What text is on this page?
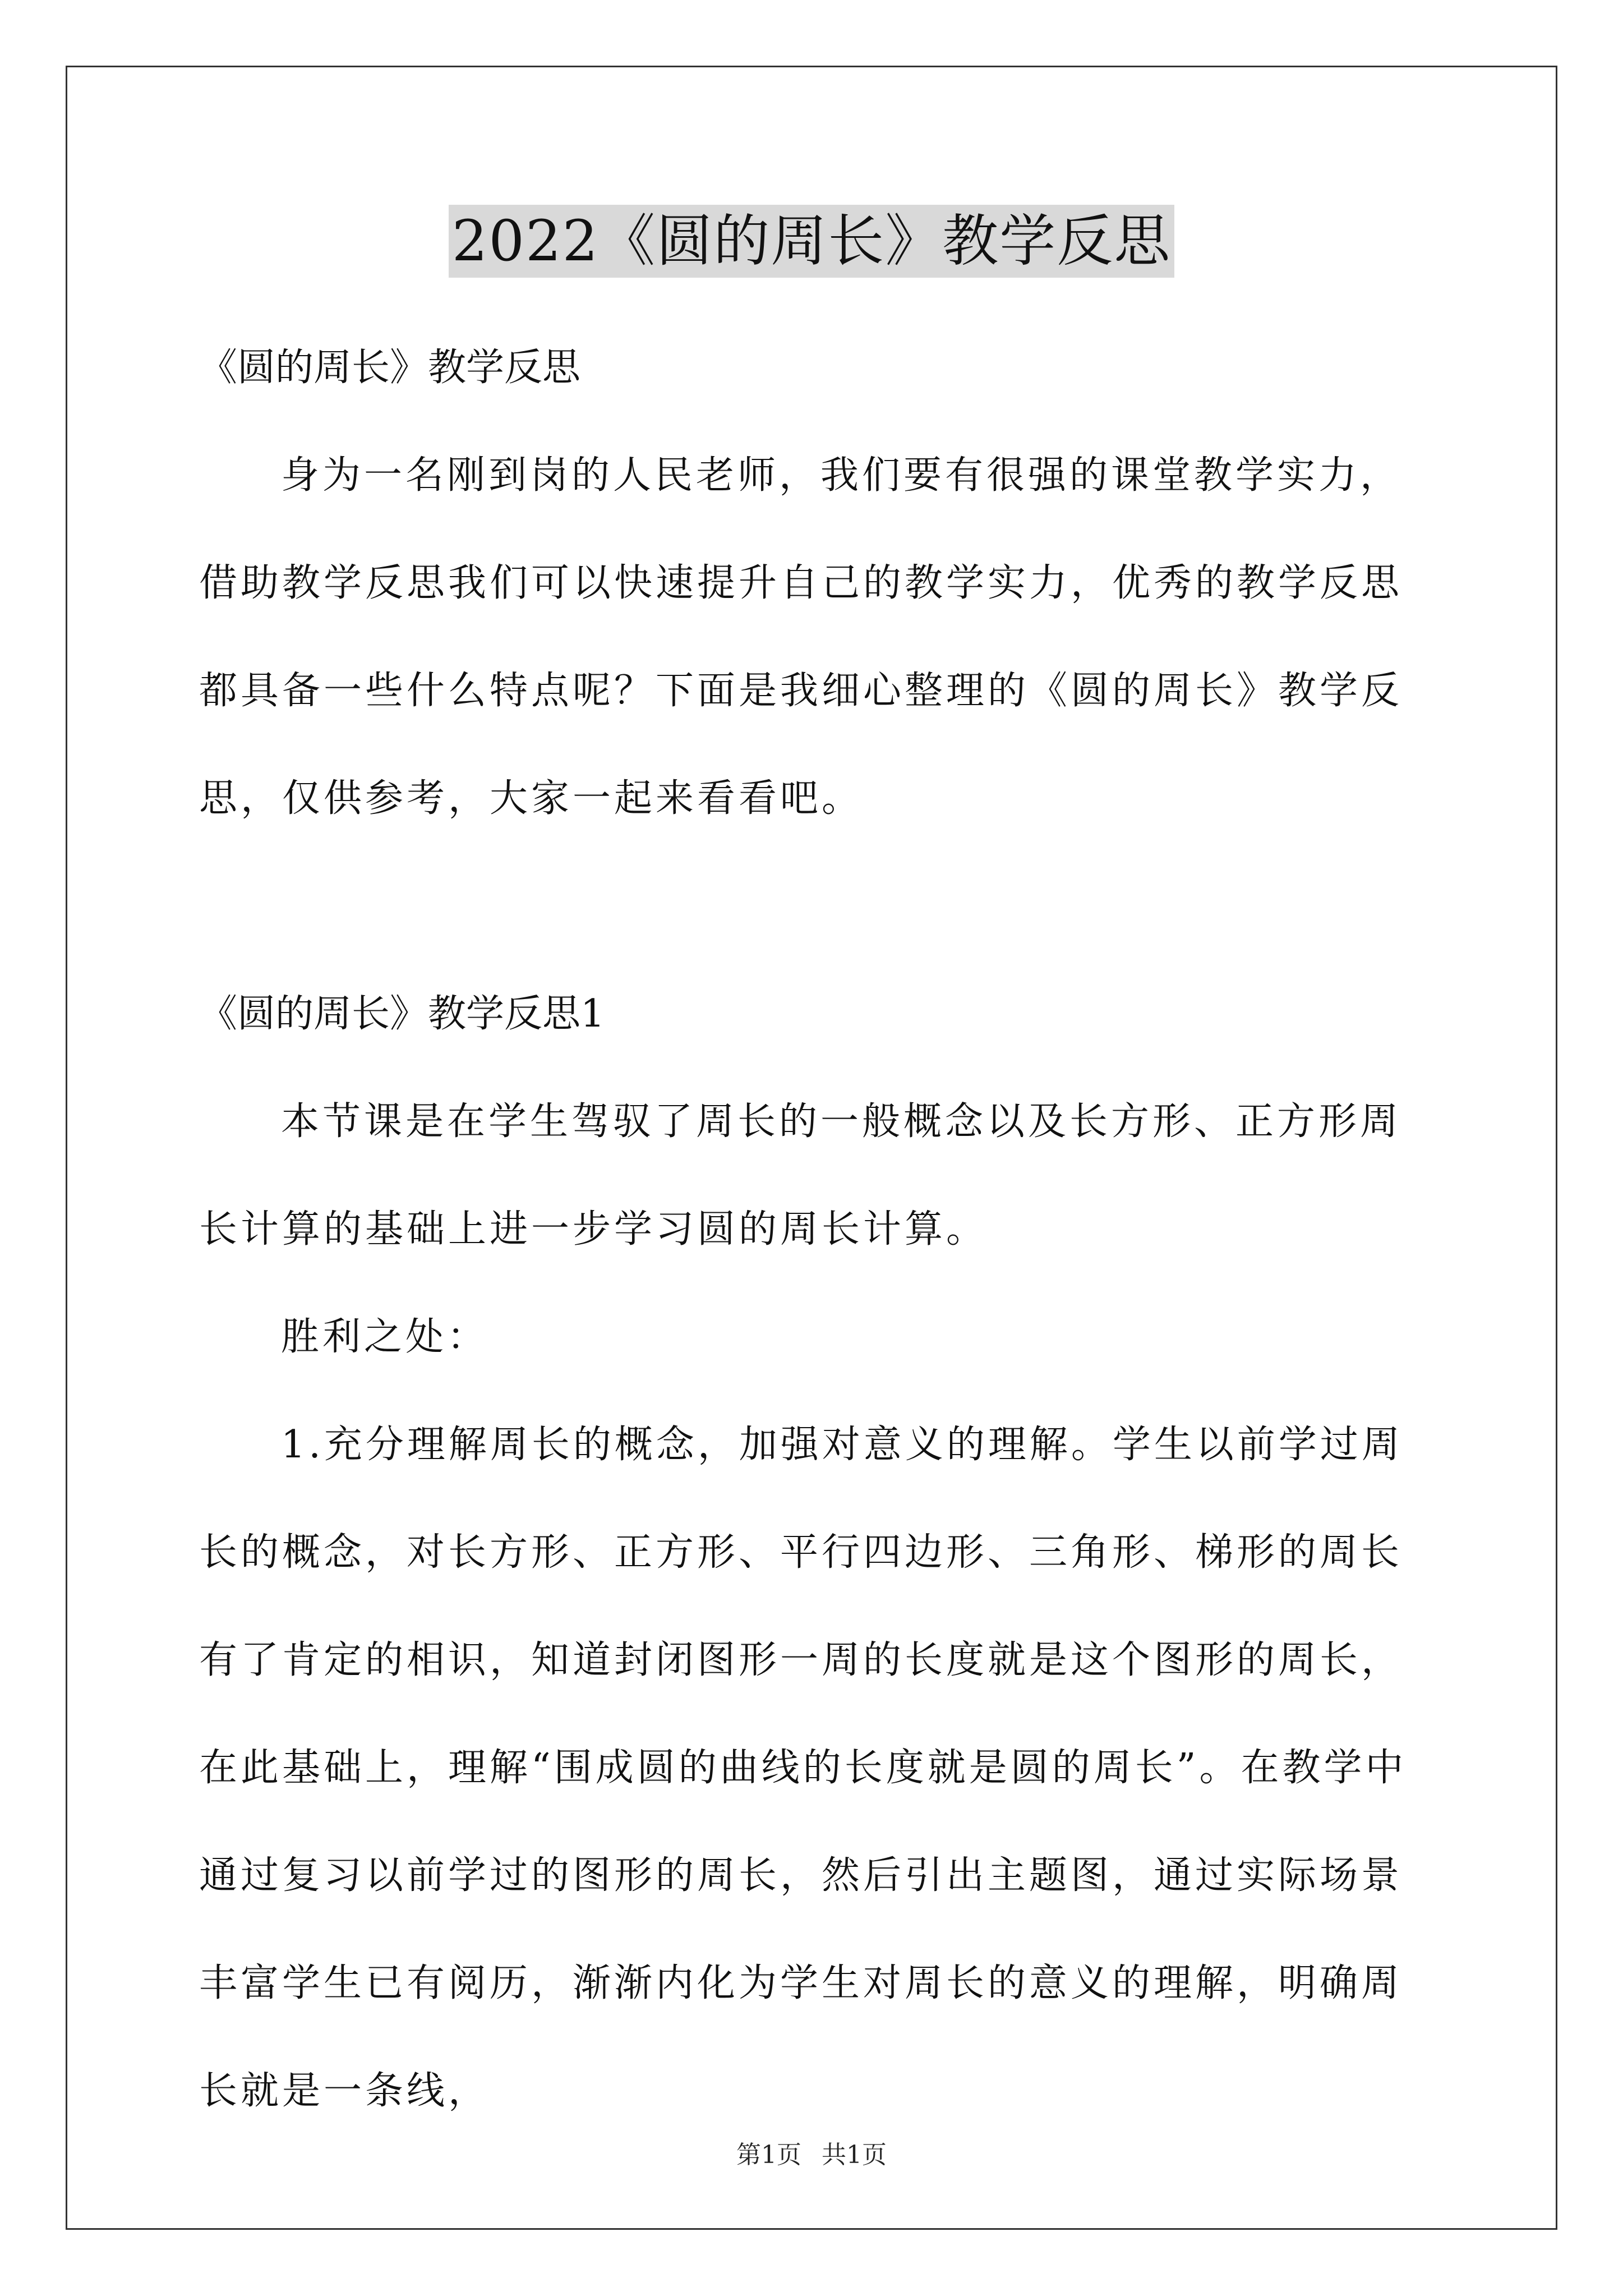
2022《圆的周长》教学反思

《圆的周长》教学反思

身为一名刚到岗的人民老师，我们要有很强的课堂教学实力，借助教学反思我们可以快速提升自己的教学实力，优秀的教学反思都具备一些什么特点呢？下面是我细心整理的《圆的周长》教学反思，仅供参考，大家一起来看看吧。

《圆的周长》教学反思1

本节课是在学生驾驭了周长的一般概念以及长方形、正方形周长计算的基础上进一步学习圆的周长计算。

胜利之处：

1.充分理解周长的概念，加强对意义的理解。学生以前学过周长的概念，对长方形、正方形、平行四边形、三角形、梯形的周长有了肯定的相识，知道封闭图形一周的长度就是这个图形的周长，在此基础上，理解“围成圆的曲线的长度就是圆的周长”。在教学中通过复习以前学过的图形的周长，然后引出主题图，通过实际场景丰富学生已有阅历，渐渐内化为学生对周长的意义的理解，明确周长就是一条线，

第1页 共1页
